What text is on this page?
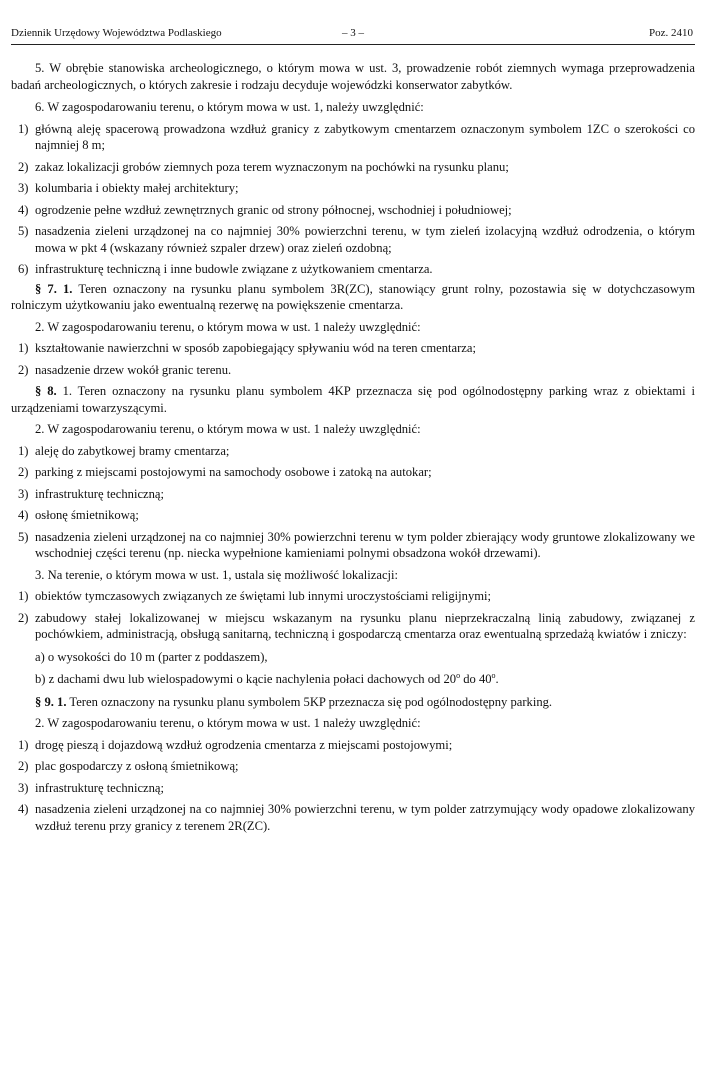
Dziennik Urzędowy Województwa Podlaskiego	– 3 –	Poz. 2410

5. W obrębie stanowiska archeologicznego, o którym mowa w ust. 3, prowadzenie robót ziemnych wymaga przeprowadzenia badań archeologicznych, o których zakresie i rodzaju decyduje wojewódzki konserwator zabytków.

6. W zagospodarowaniu terenu, o którym mowa w ust. 1, należy uwzględnić:

1) główną aleję spacerową prowadzona wzdłuż granicy z zabytkowym cmentarzem oznaczonym symbolem 1ZC o szerokości co najmniej 8 m;
2) zakaz lokalizacji grobów ziemnych poza terem wyznaczonym na pochówki na rysunku planu;
3) kolumbaria i obiekty małej architektury;
4) ogrodzenie pełne wzdłuż zewnętrznych granic od strony północnej, wschodniej i południowej;
5) nasadzenia zieleni urządzonej na co najmniej 30% powierzchni terenu, w tym zieleń izolacyjną wzdłuż odrodzenia, o którym mowa w pkt 4 (wskazany również szpaler drzew) oraz zieleń ozdobną;
6) infrastrukturę techniczną i inne budowle związane z użytkowaniem cmentarza.

§ 7. 1. Teren oznaczony na rysunku planu symbolem 3R(ZC), stanowiący grunt rolny, pozostawia się w dotychczasowym rolniczym użytkowaniu jako ewentualną rezerwę na powiększenie cmentarza.

2. W zagospodarowaniu terenu, o którym mowa w ust. 1 należy uwzględnić:

1) kształtowanie nawierzchni w sposób zapobiegający spływaniu wód na teren cmentarza;
2) nasadzenie drzew wokół granic terenu.

§ 8. 1. Teren oznaczony na rysunku planu symbolem 4KP przeznacza się pod ogólnodostępny parking wraz z obiektami i urządzeniami towarzyszącymi.

2. W zagospodarowaniu terenu, o którym mowa w ust. 1 należy uwzględnić:

1) aleję do zabytkowej bramy cmentarza;
2) parking z miejscami postojowymi na samochody osobowe i zatoką na autokar;
3) infrastrukturę techniczną;
4) osłonę śmietnikową;
5) nasadzenia zieleni urządzonej na co najmniej 30% powierzchni terenu w tym polder zbierający wody gruntowe zlokalizowany we wschodniej części terenu (np. niecka wypełnione kamieniami polnymi obsadzona wokół drzewami).

3. Na terenie, o którym mowa w ust. 1, ustala się możliwość lokalizacji:

1) obiektów tymczasowych związanych ze świętami lub innymi uroczystościami religijnymi;
2) zabudowy stałej lokalizowanej w miejscu wskazanym na rysunku planu nieprzekraczalną linią zabudowy, związanej z pochówkiem, administracją, obsługą sanitarną, techniczną i gospodarczą cmentarza oraz ewentualną sprzedażą kwiatów i zniczy:
a) o wysokości do 10 m (parter z poddaszem),
b) z dachami dwu lub wielospadowymi o kącie nachylenia połaci dachowych od 20$^o$ do 40$^o$.

§ 9. 1. Teren oznaczony na rysunku planu symbolem 5KP przeznacza się pod ogólnodostępny parking.

2. W zagospodarowaniu terenu, o którym mowa w ust. 1 należy uwzględnić:

1) drogę pieszą i dojazdową wzdłuż ogrodzenia cmentarza z miejscami postojowymi;
2) plac gospodarczy z osłoną śmietnikową;
3) infrastrukturę techniczną;
4) nasadzenia zieleni urządzonej na co najmniej 30% powierzchni terenu, w tym polder zatrzymujący wody opadowe zlokalizowany wzdłuż terenu przy granicy z terenem 2R(ZC).
